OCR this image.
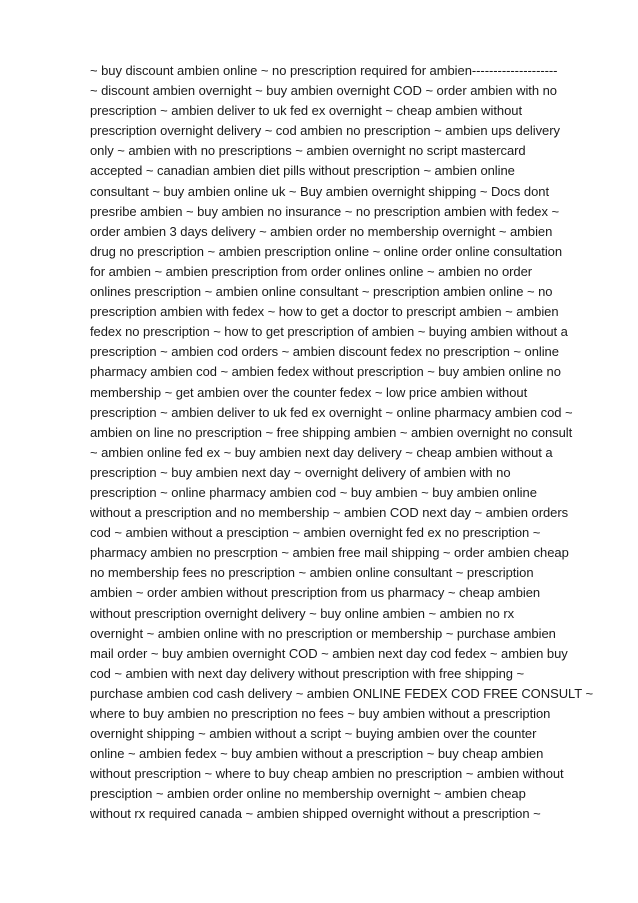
~ buy discount ambien online ~ no prescription required for ambien--------------------
~ discount ambien overnight ~ buy ambien overnight COD ~ order ambien with no
prescription ~ ambien deliver to uk fed ex overnight ~ cheap ambien without
prescription overnight delivery ~ cod ambien no prescription ~ ambien ups delivery
only ~ ambien with no prescriptions ~ ambien overnight no script mastercard
accepted ~ canadian ambien diet pills without prescription ~ ambien online
consultant ~ buy ambien online uk ~ Buy ambien overnight shipping ~ Docs dont
presribe ambien ~ buy ambien no insurance ~ no prescription ambien with fedex ~
order ambien 3 days delivery ~ ambien order no membership overnight ~ ambien
drug no prescription ~ ambien prescription online ~ online order online consultation
for ambien ~ ambien prescription from order onlines online ~ ambien no order
onlines prescription ~ ambien online consultant ~ prescription ambien online ~ no
prescription ambien with fedex ~ how to get a doctor to prescript ambien ~ ambien
fedex no prescription ~ how to get prescription of ambien ~ buying ambien without a
prescription ~ ambien cod orders ~ ambien discount fedex no prescription ~ online
pharmacy ambien cod ~ ambien fedex without prescription ~ buy ambien online no
membership ~ get ambien over the counter fedex ~ low price ambien without
prescription ~ ambien deliver to uk fed ex overnight ~ online pharmacy ambien cod ~
ambien on line no prescription ~ free shipping ambien ~ ambien overnight no consult
~ ambien online fed ex ~ buy ambien next day delivery ~ cheap ambien without a
prescription ~ buy ambien next day ~ overnight delivery of ambien with no
prescription ~ online pharmacy ambien cod ~ buy ambien ~ buy ambien online
without a prescription and no membership ~ ambien COD next day ~ ambien orders
cod ~ ambien without a presciption ~ ambien overnight fed ex no prescription ~
pharmacy ambien no prescrption ~ ambien free mail shipping ~ order ambien cheap
no membership fees no prescription ~ ambien online consultant ~ prescription
ambien ~ order ambien without prescription from us pharmacy ~ cheap ambien
without prescription overnight delivery ~ buy online ambien ~ ambien no rx
overnight ~ ambien online with no prescription or membership ~ purchase ambien
mail order ~ buy ambien overnight COD ~ ambien next day cod fedex ~ ambien buy
cod ~ ambien with next day delivery without prescription with free shipping ~
purchase ambien cod cash delivery ~ ambien ONLINE FEDEX COD FREE CONSULT ~
where to buy ambien no prescription no fees ~ buy ambien without a prescription
overnight shipping ~ ambien without a script ~ buying ambien over the counter
online ~ ambien fedex ~ buy ambien without a prescription ~ buy cheap ambien
without prescription ~ where to buy cheap ambien no prescription ~ ambien without
presciption ~ ambien order online no membership overnight ~ ambien cheap
without rx required canada ~ ambien shipped overnight without a prescription ~
